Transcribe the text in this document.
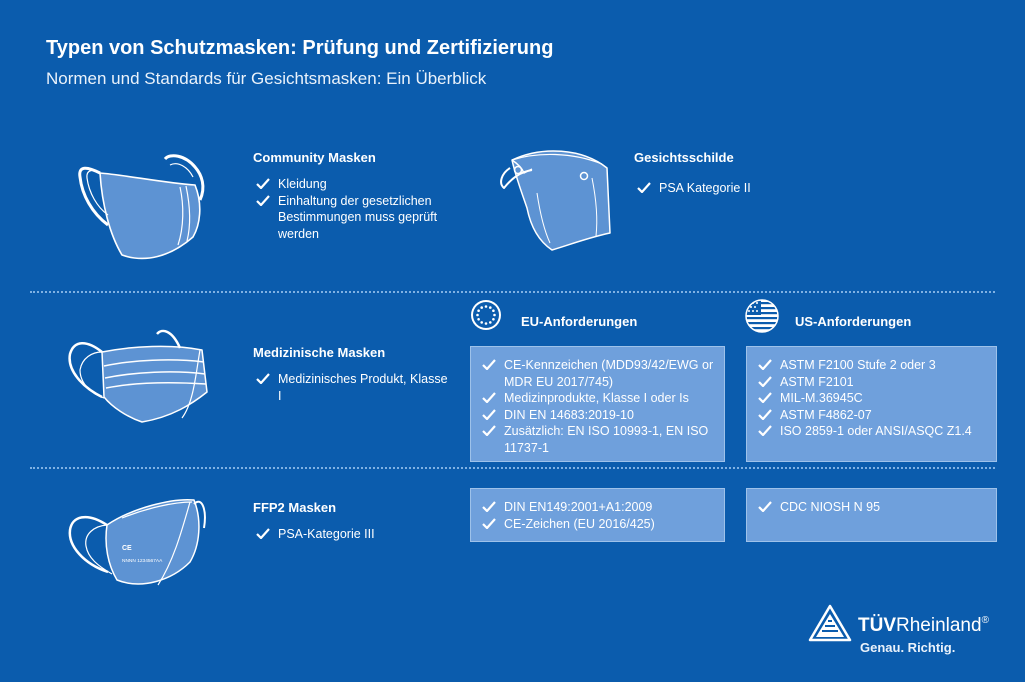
Typen von Schutzmasken: Prüfung und Zertifizierung
Normen und Standards für Gesichtsmasken: Ein Überblick
Community Masken
Kleidung
Einhaltung der gesetzlichen Bestimmungen muss geprüft werden
Gesichtsschilde
PSA Kategorie II
EU-Anforderungen	US-Anforderungen
Medizinische Masken
Medizinisches Produkt, Klasse I
CE-Kennzeichen (MDD93/42/EWG or MDR EU 2017/745)
Medizinprodukte, Klasse I oder Is
DIN EN 14683:2019-10
Zusätzlich: EN ISO 10993-1, EN ISO 11737-1
ASTM F2100 Stufe 2 oder 3
ASTM F2101
MIL-M.36945C
ASTM F4862-07
ISO 2859-1 oder ANSI/ASQC Z1.4
CE
NNNN 1234567AA
FFP2 Masken
PSA-Kategorie III
DIN EN149:2001+A1:2009
CE-Zeichen (EU 2016/425)
CDC NIOSH N 95
TÜVRheinland®
Genau. Richtig.
